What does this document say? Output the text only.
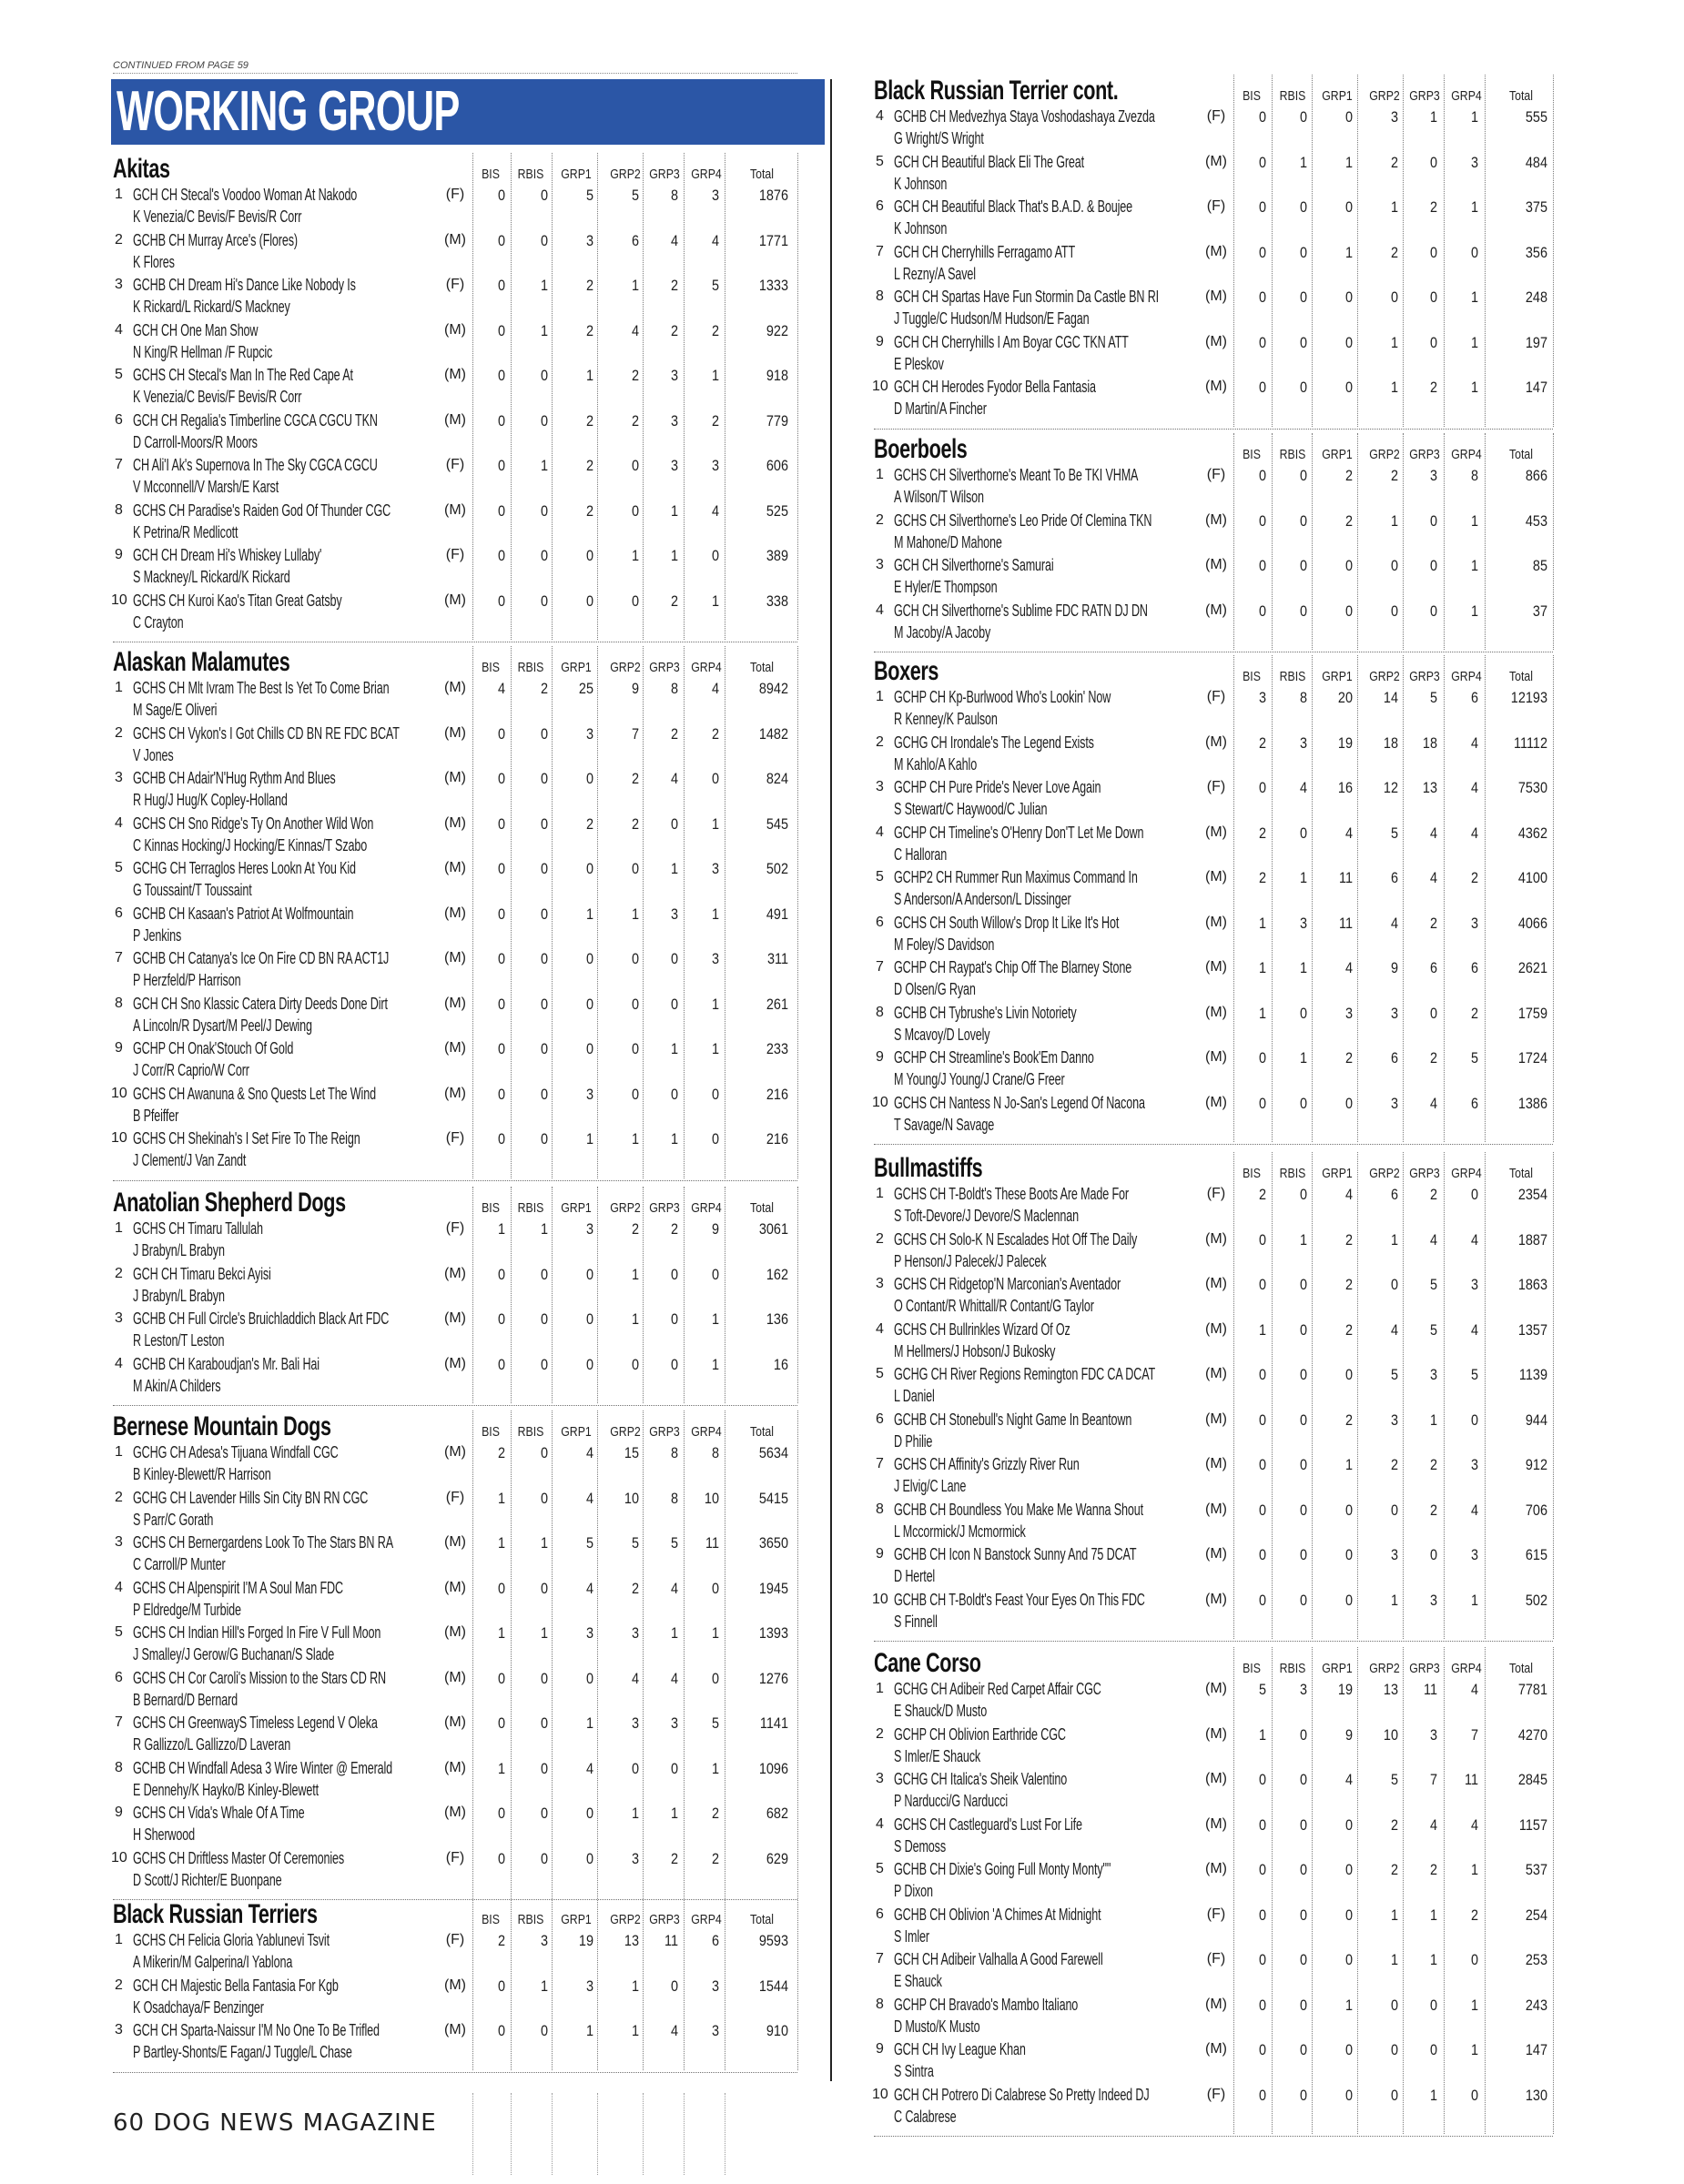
CONTINUED FROM PAGE 59
WORKING GROUP
Akitas	BIS	RBIS	GRP1	GRP2 GRP3 GRP4	Total
1 GCH CH Stecal's Voodoo Woman At Nakodo
K Venezia/C Bevis/F Bevis/R Corr
(F)	0	0	5	5	8	3	1876
2 GCHB CH Murray Arce's (Flores)
K Flores
(M)	0	0	3	6	4	4	1771
3 GCHB CH Dream Hi's Dance Like Nobody Is
K Rickard/L Rickard/S Mackney
(F)	0	1	2	1	2	5	1333
4 GCH CH One Man Show
N King/R Hellman /F Rupcic
(M)	0	1	2	4	2	2	922
5 GCHS CH Stecal's Man In The Red Cape At
K Venezia/C Bevis/F Bevis/R Corr
(M)	0	0	1	2	3	1	918
6 GCH CH Regalia's Timberline CGCA CGCU TKN
D Carroll-Moors/R Moors
(M)	0	0	2	2	3	2	779
7 CH Ali'I Ak's Supernova In The Sky CGCA CGCU
V Mcconnell/V Marsh/E Karst
(F)	0	1	2	0	3	3	606
8 GCHS CH Paradise's Raiden God Of Thunder CGC
K Petrina/R Medlicott
(M)	0	0	2	0	1	4	525
9 GCH CH Dream Hi's Whiskey Lullaby'
S Mackney/L Rickard/K Rickard
(F)	0	0	0	1	1	0	389
10 GCHS CH Kuroi Kao's Titan Great Gatsby
C Crayton
(M)	0	0	0	0	2	1	338
Alaskan Malamutes	BIS	RBIS	GRP1	GRP2 GRP3 GRP4	Total
1 GCHS CH Mlt Ivram The Best Is Yet To Come Brian
M Sage/E Oliveri
(M)	4	2	25	9	8	4	8942
2 GCHS CH Vykon's I Got Chills CD BN RE FDC BCAT
V Jones
(M)	0	0	3	7	2	2	1482
3 GCHB CH Adair'N'Hug Rythm And Blues
R Hug/J Hug/K Copley-Holland
(M)	0	0	0	2	4	0	824
4 GCHS CH Sno Ridge's Ty On Another Wild Won
C Kinnas Hocking/J Hocking/E Kinnas/T Szabo
(M)	0	0	2	2	0	1	545
5 GCHG CH Terraglos Heres Lookn At You Kid
G Toussaint/T Toussaint
(M)	0	0	0	0	1	3	502
6 GCHB CH Kasaan's Patriot At Wolfmountain
P Jenkins
(M)	0	0	1	1	3	1	491
7 GCHB CH Catanya's Ice On Fire CD BN RA ACT1J
P Herzfeld/P Harrison
(M)	0	0	0	0	0	3	311
8 GCH CH Sno Klassic Catera Dirty Deeds Done Dirt
A Lincoln/R Dysart/M Peel/J Dewing
(M)	0	0	0	0	0	1	261
9 GCHP CH Onak'Stouch Of Gold
J Corr/R Caprio/W Corr
(M)	0	0	0	0	1	1	233
10 GCHS CH Awanuna & Sno Quests Let The Wind
B Pfeiffer
(M)	0	0	3	0	0	0	216
10 GCHS CH Shekinah's I Set Fire To The Reign
J Clement/J Van Zandt
(F)	0	0	1	1	1	0	216
Anatolian Shepherd Dogs	BIS	RBIS	GRP1	GRP2 GRP3 GRP4	Total
1 GCHS CH Timaru Tallulah
J Brabyn/L Brabyn
(F)	1	1	3	2	2	9	3061
2 GCH CH Timaru Bekci Ayisi
J Brabyn/L Brabyn
(M)	0	0	0	1	0	0	162
3 GCHB CH Full Circle's Bruichladdich Black Art FDC
R Leston/T Leston
(M)	0	0	0	1	0	1	136
4 GCHB CH Karaboudjan's Mr. Bali Hai
M Akin/A Childers
(M)	0	0	0	0	0	1	16
Bernese Mountain Dogs	BIS	RBIS	GRP1	GRP2 GRP3 GRP4	Total
1 GCHG CH Adesa's Tijuana Windfall CGC
B Kinley-Blewett/R Harrison
(M)	2	0	4	15	8	8	5634
2 GCHG CH Lavender Hills Sin City BN RN CGC
S Parr/C Gorath
(F)	1	0	4	10	8	10	5415
3 GCHS CH Bernergardens Look To The Stars BN RA
C Carroll/P Munter
(M)	1	1	5	5	5	11	3650
4 GCHS CH Alpenspirit I'M A Soul Man FDC
P Eldredge/M Turbide
(M)	0	0	4	2	4	0	1945
5 GCHS CH Indian Hill's Forged In Fire V Full Moon
J Smalley/J Gerow/G Buchanan/S Slade
(M)	1	1	3	3	1	1	1393
6 GCHS CH Cor Caroli's Mission to the Stars CD RN
B Bernard/D Bernard
(M)	0	0	0	4	4	0	1276
7 GCHS CH GreenwayS Timeless Legend V Oleka
R Gallizzo/L Gallizzo/D Laveran
(M)	0	0	1	3	3	5	1141
8 GCHB CH Windfall Adesa 3 Wire Winter @ Emerald
E Dennehy/K Hayko/B Kinley-Blewett
(M)	1	0	4	0	0	1	1096
9 GCHS CH Vida's Whale Of A Time
H Sherwood
(M)	0	0	0	1	1	2	682
10 GCHS CH Driftless Master Of Ceremonies
D Scott/J Richter/E Buonpane
(F)	0	0	0	3	2	2	629
Black Russian Terriers	BIS	RBIS	GRP1	GRP2 GRP3 GRP4	Total
1 GCHS CH Felicia Gloria Yablunevi Tsvit
A Mikerin/M Galperina/I Yablona
(F)	2	3	19	13	11	6	9593
2 GCH CH Majestic Bella Fantasia For Kgb
K Osadchaya/F Benzinger
(M)	0	1	3	1	0	3	1544
3 GCH CH Sparta-Naissur I'M No One To Be Trifled
P Bartley-Shonts/E Fagan/J Tuggle/L Chase
(M)	0	0	1	1	4	3	910
Black Russian Terrier cont.	BIS	RBIS	GRP1	GRP2 GRP3 GRP4	Total
4 GCHB CH Medvezhya Staya Voshodashaya Zvezda
G Wright/S Wright
(F)	0	0	0	3	1	1	555
5 GCH CH Beautiful Black Eli The Great
K Johnson
(M)	0	1	1	2	0	3	484
6 GCH CH Beautiful Black That's B.A.D. & Boujee
K Johnson
(F)	0	0	0	1	2	1	375
7 GCH CH Cherryhills Ferragamo ATT
L Rezny/A Savel
(M)	0	0	1	2	0	0	356
8 GCH CH Spartas Have Fun Stormin Da Castle BN RI
J Tuggle/C Hudson/M Hudson/E Fagan
(M)	0	0	0	0	0	1	248
9 GCH CH Cherryhills I Am Boyar CGC TKN ATT
E Pleskov
(M)	0	0	0	1	0	1	197
10 GCH CH Herodes Fyodor Bella Fantasia
D Martin/A Fincher
(M)	0	0	0	1	2	1	147
Boerboels	BIS	RBIS	GRP1	GRP2 GRP3 GRP4	Total
1 GCHS CH Silverthorne's Meant To Be TKI VHMA
A Wilson/T Wilson
(F)	0	0	2	2	3	8	866
2 GCHS CH Silverthorne's Leo Pride Of Clemina TKN
M Mahone/D Mahone
(M)	0	0	2	1	0	1	453
3 GCH CH Silverthorne's Samurai
E Hyler/E Thompson
(M)	0	0	0	0	0	1	85
4 GCH CH Silverthorne's Sublime FDC RATN DJ DN
M Jacoby/A Jacoby
(M)	0	0	0	0	0	1	37
Boxers	BIS	RBIS	GRP1	GRP2 GRP3 GRP4	Total
1 GCHP CH Kp-Burlwood Who's Lookin' Now
R Kenney/K Paulson
(F)	3	8	20	14	5	6	12193
2 GCHG CH Irondale's The Legend Exists
M Kahlo/A Kahlo
(M)	2	3	19	18	18	4	11112
3 GCHP CH Pure Pride's Never Love Again
S Stewart/C Haywood/C Julian
(F)	0	4	16	12	13	4	7530
4 GCHP CH Timeline's O'Henry Don'T Let Me Down
C Halloran
(M)	2	0	4	5	4	4	4362
5 GCHP2 CH Rummer Run Maximus Command In
S Anderson/A Anderson/L Dissinger
(M)	2	1	11	6	4	2	4100
6 GCHS CH South Willow's Drop It Like It's Hot
M Foley/S Davidson
(M)	1	3	11	4	2	3	4066
7 GCHP CH Raypat's Chip Off The Blarney Stone
D Olsen/G Ryan
(M)	1	1	4	9	6	6	2621
8 GCHB CH Tybrushe's Livin Notoriety
S Mcavoy/D Lovely
(M)	1	0	3	3	0	2	1759
9 GCHP CH Streamline's Book'Em Danno
M Young/J Young/J Crane/G Freer
(M)	0	1	2	6	2	5	1724
10 GCHS CH Nantess N Jo-San's Legend Of Nacona
T Savage/N Savage
(M)	0	0	0	3	4	6	1386
Bullmastiffs	BIS	RBIS	GRP1	GRP2 GRP3 GRP4	Total
1 GCHS CH T-Boldt's These Boots Are Made For
S Toft-Devore/J Devore/S Maclennan
(F)	2	0	4	6	2	0	2354
2 GCHS CH Solo-K N Escalades Hot Off The Daily
P Henson/J Palecek/J Palecek
(M)	0	1	2	1	4	4	1887
3 GCHS CH Ridgetop'N Marconian's Aventador
O Contant/R Whittall/R Contant/G Taylor
(M)	0	0	2	0	5	3	1863
4 GCHS CH Bullrinkles Wizard Of Oz
M Hellmers/J Hobson/J Bukosky
(M)	1	0	2	4	5	4	1357
5 GCHG CH River Regions Remington FDC CA DCAT
L Daniel
(M)	0	0	0	5	3	5	1139
6 GCHB CH Stonebull's Night Game In Beantown
D Philie
(M)	0	0	2	3	1	0	944
7 GCHS CH Affinity's Grizzly River Run
J Elvig/C Lane
(M)	0	0	1	2	2	3	912
8 GCHB CH Boundless You Make Me Wanna Shout
L Mccormick/J Mcmormick
(M)	0	0	0	0	2	4	706
9 GCHB CH Icon N Banstock Sunny And 75 DCAT
D Hertel
(M)	0	0	0	3	0	3	615
10 GCHB CH T-Boldt's Feast Your Eyes On This FDC
S Finnell
(M)	0	0	0	1	3	1	502
Cane Corso	BIS	RBIS	GRP1	GRP2 GRP3 GRP4	Total
1 GCHG CH Adibeir Red Carpet Affair CGC
E Shauck/D Musto
(M)	5	3	19	13	11	4	7781
2 GCHP CH Oblivion Earthride CGC
S Imler/E Shauck
(M)	1	0	9	10	3	7	4270
3 GCHG CH Italica's Sheik Valentino
P Narducci/G Narducci
(M)	0	0	4	5	7	11	2845
4 GCHS CH Castleguard's Lust For Life
S Demoss
(M)	0	0	0	2	4	4	1157
5 GCHB CH Dixie's Going Full Monty Monty""
P Dixon
(M)	0	0	0	2	2	1	537
6 GCHB CH Oblivion 'A Chimes At Midnight
S Imler
(F)	0	0	0	1	1	2	254
7 GCH CH Adibeir Valhalla A Good Farewell
E Shauck
(F)	0	0	0	1	1	0	253
8 GCHP CH Bravado's Mambo Italiano
D Musto/K Musto
(M)	0	0	1	0	0	1	243
9 GCH CH Ivy League Khan
S Sintra
(M)	0	0	0	0	0	1	147
10 GCH CH Potrero Di Calabrese So Pretty Indeed DJ
C Calabrese
(F)	0	0	0	0	1	0	130
60 DOG NEWS MAGAZINE
